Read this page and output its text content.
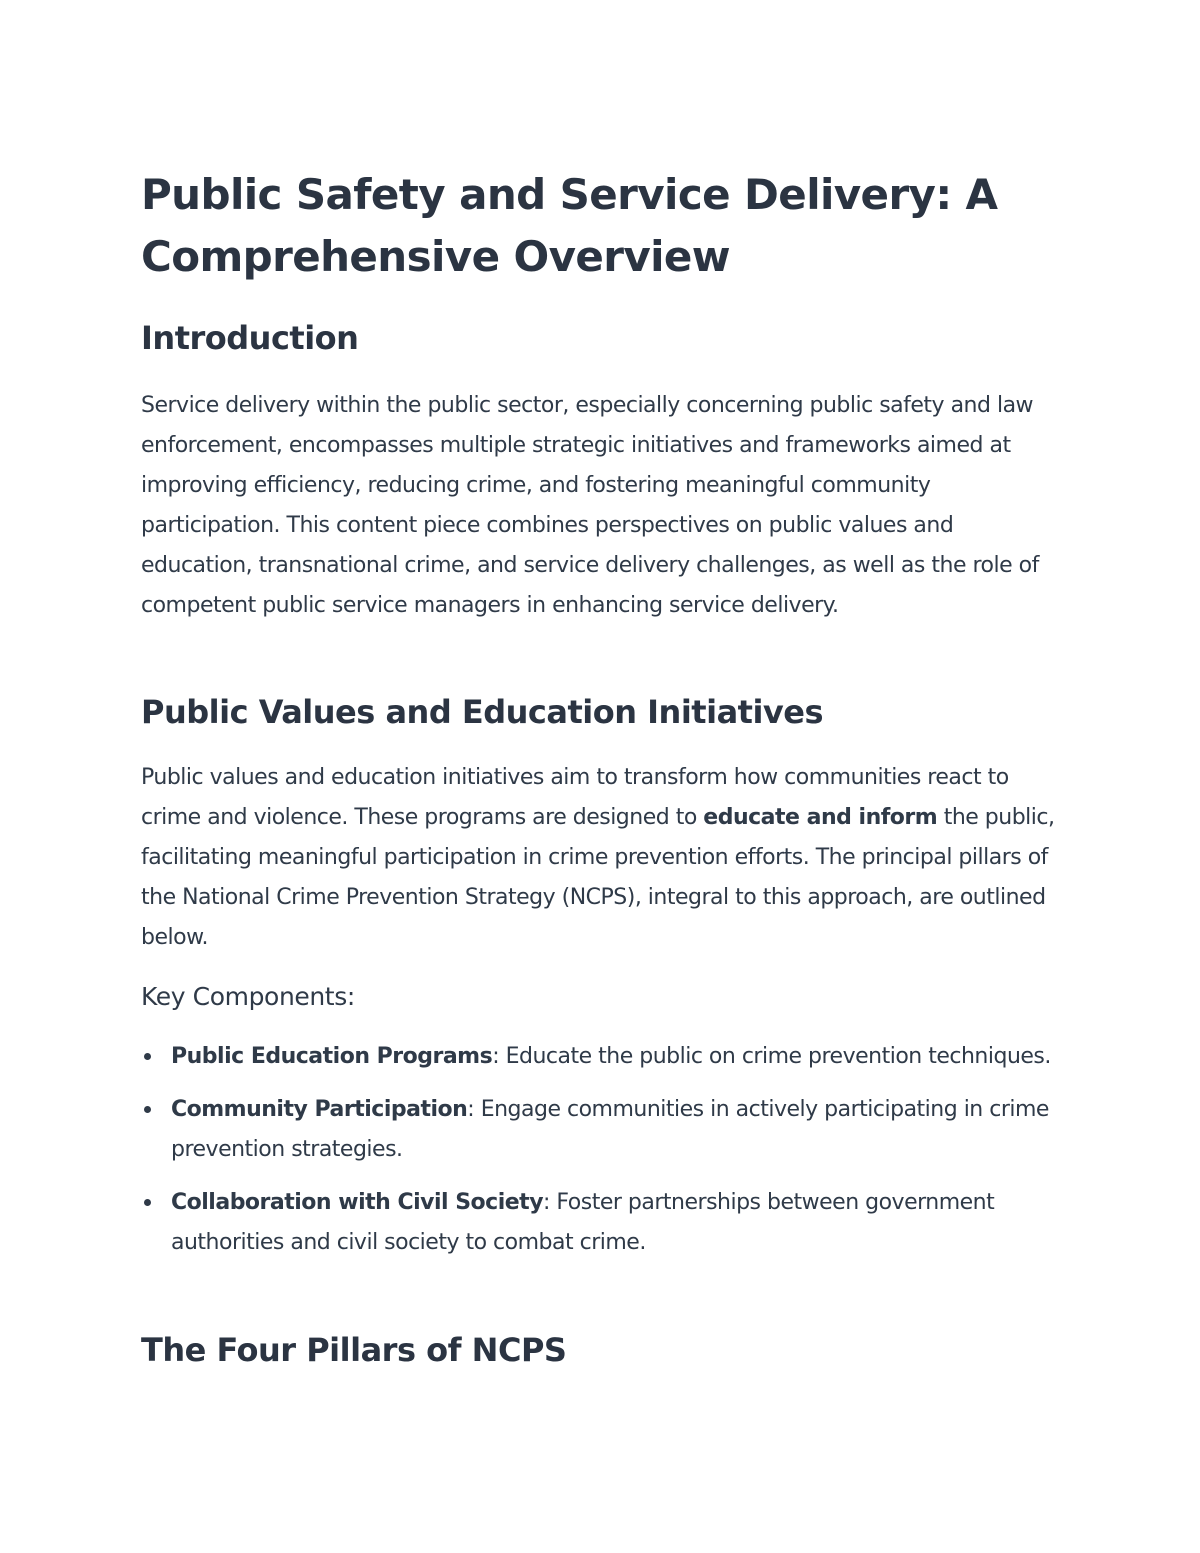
Public Safety and Service Delivery: A Comprehensive Overview
Introduction

Service delivery within the public sector, especially concerning public safety and law enforcement, encompasses multiple strategic initiatives and frameworks aimed at improving efficiency, reducing crime, and fostering meaningful community participation. This content piece combines perspectives on public values and education, transnational crime, and service delivery challenges, as well as the role of competent public service managers in enhancing service delivery.

Public Values and Education Initiatives

Public values and education initiatives aim to transform how communities react to crime and violence. These programs are designed to educate and inform the public, facilitating meaningful participation in crime prevention efforts. The principal pillars of the National Crime Prevention Strategy (NCPS), integral to this approach, are outlined below.

Key Components:
Public Education Programs: Educate the public on crime prevention techniques.
Community Participation: Engage communities in actively participating in crime prevention strategies.
Collaboration with Civil Society: Foster partnerships between government authorities and civil society to combat crime.
The Four Pillars of NCPS
